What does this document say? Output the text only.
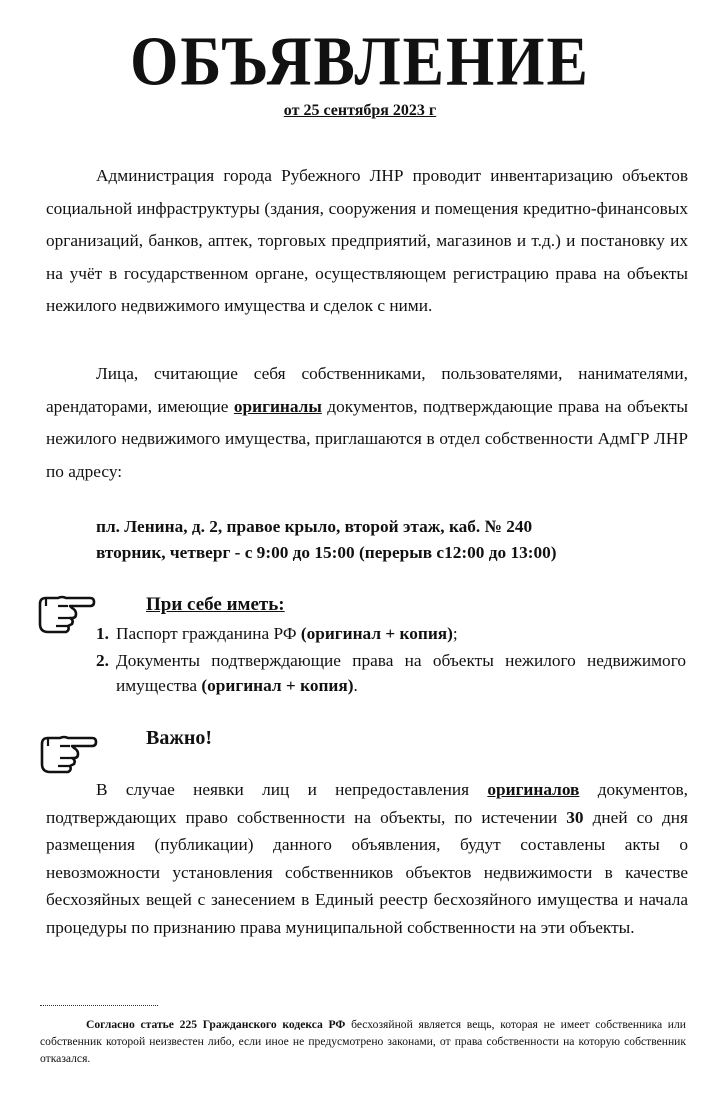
ОБЪЯВЛЕНИЕ
от 25 сентября 2023 г

Администрация города Рубежного ЛНР проводит инвентаризацию объектов социальной инфраструктуры (здания, сооружения и помещения кредитно-финансовых организаций, банков, аптек, торговых предприятий, магазинов и т.д.) и постановку их на учёт в государственном органе, осуществляющем регистрацию права на объекты нежилого недвижимого имущества и сделок с ними.

Лица, считающие себя собственниками, пользователями, нанимателями, арендаторами, имеющие оригиналы документов, подтверждающие права на объекты нежилого недвижимого имущества, приглашаются в отдел собственности АдмГР ЛНР по адресу:

пл. Ленина, д. 2, правое крыло, второй этаж, каб. № 240
вторник, четверг - с 9:00 до 15:00 (перерыв с12:00 до 13:00)
При себе иметь:
1. Паспорт гражданина РФ (оригинал + копия);
2. Документы подтверждающие права на объекты нежилого недвижимого имущества (оригинал + копия).
Важно!

В случае неявки лиц и непредоставления оригиналов документов, подтверждающих право собственности на объекты, по истечении 30 дней со дня размещения (публикации) данного объявления, будут составлены акты о невозможности установления собственников объектов недвижимости в качестве бесхозяйных вещей с занесением в Единый реестр бесхозяйного имущества и начала процедуры по признанию права муниципальной собственности на эти объекты.

Согласно статье 225 Гражданского кодекса РФ бесхозяйной является вещь, которая не имеет собственника или собственник которой неизвестен либо, если иное не предусмотрено законами, от права собственности на которую собственник отказался.
